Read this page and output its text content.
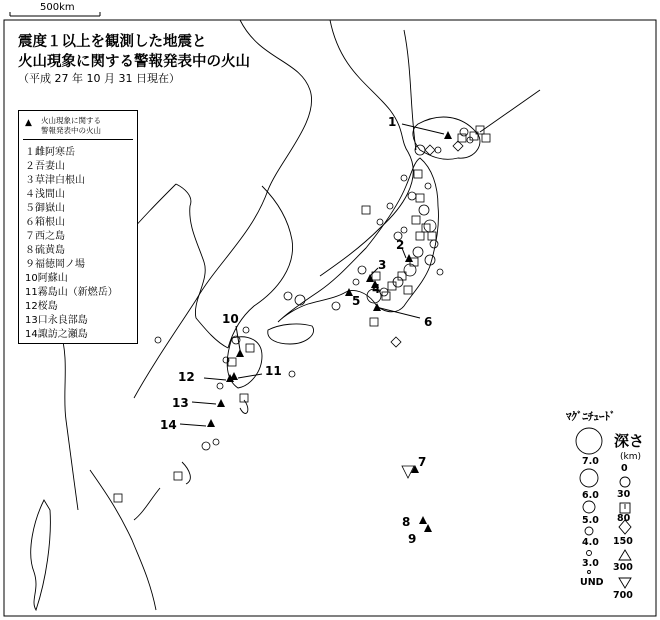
500km
震度１以上を観測した地震と
火山現象に関する警報発表中の火山
（平成 27 年 10 月 31 日現在）
▲ 火山現象に関する
警報発表中の火山
１雌阿寒岳
２吾妻山
３草津白根山
４浅間山
５御嶽山
６箱根山
７西之島
８硫黄島
９福徳岡ノ場
10阿蘇山
11霧島山（新燃岳）
12桜島
13口永良部島
14諏訪之瀬島
1
2
3
4
5
6
7
8
9
10
11
12
13
14
ﾏｸﾞﾆﾁｭｰﾄﾞ
深さ
(km)
7.0
6.0
5.0
4.0
3.0
UND
0
30
80
150
300
700
